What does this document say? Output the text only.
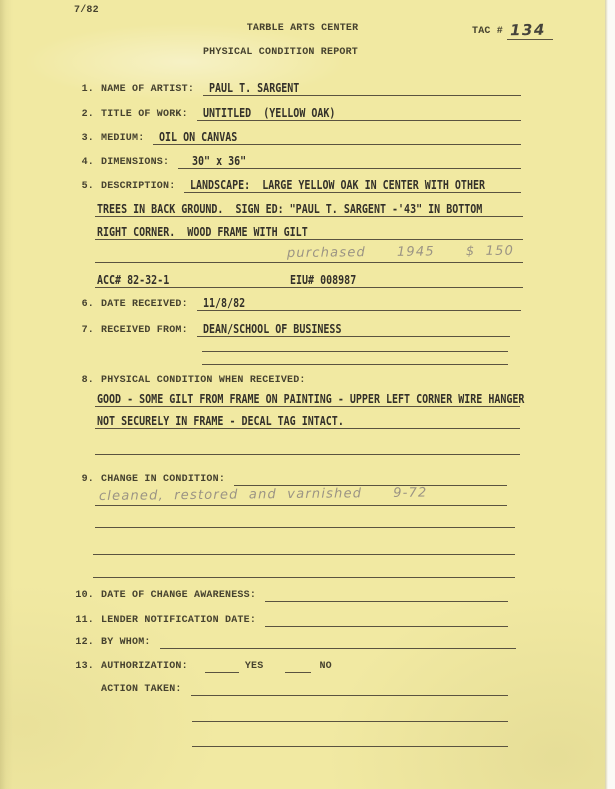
7/82
TARBLE ARTS CENTER	TAC # 134
PHYSICAL CONDITION REPORT
1. NAME OF ARTIST:	PAUL T. SARGENT
2. TITLE OF WORK:	UNTITLED  (YELLOW OAK)
3. MEDIUM:	OIL ON CANVAS
4. DIMENSIONS:	30" x 36"
5. DESCRIPTION:	LANDSCAPE:  LARGE YELLOW OAK IN CENTER WITH OTHER
TREES IN BACK GROUND.  SIGN ED: "PAUL T. SARGENT -'43" IN BOTTOM
RIGHT CORNER.  WOOD FRAME WITH GILT
purchased   1945   $ 150
ACC# 82-32-1	EIU# 008987
6. DATE RECEIVED:	11/8/82
7. RECEIVED FROM:	DEAN/SCHOOL OF BUSINESS
8. PHYSICAL CONDITION WHEN RECEIVED:
GOOD - SOME GILT FROM FRAME ON PAINTING - UPPER LEFT CORNER WIRE HANGER
NOT SECURELY IN FRAME - DECAL TAG INTACT.
9. CHANGE IN CONDITION:
cleaned, restored and varnished   9-72
10. DATE OF CHANGE AWARENESS:
11. LENDER NOTIFICATION DATE:
12. BY WHOM:
13. AUTHORIZATION:	YES	NO
ACTION TAKEN:
